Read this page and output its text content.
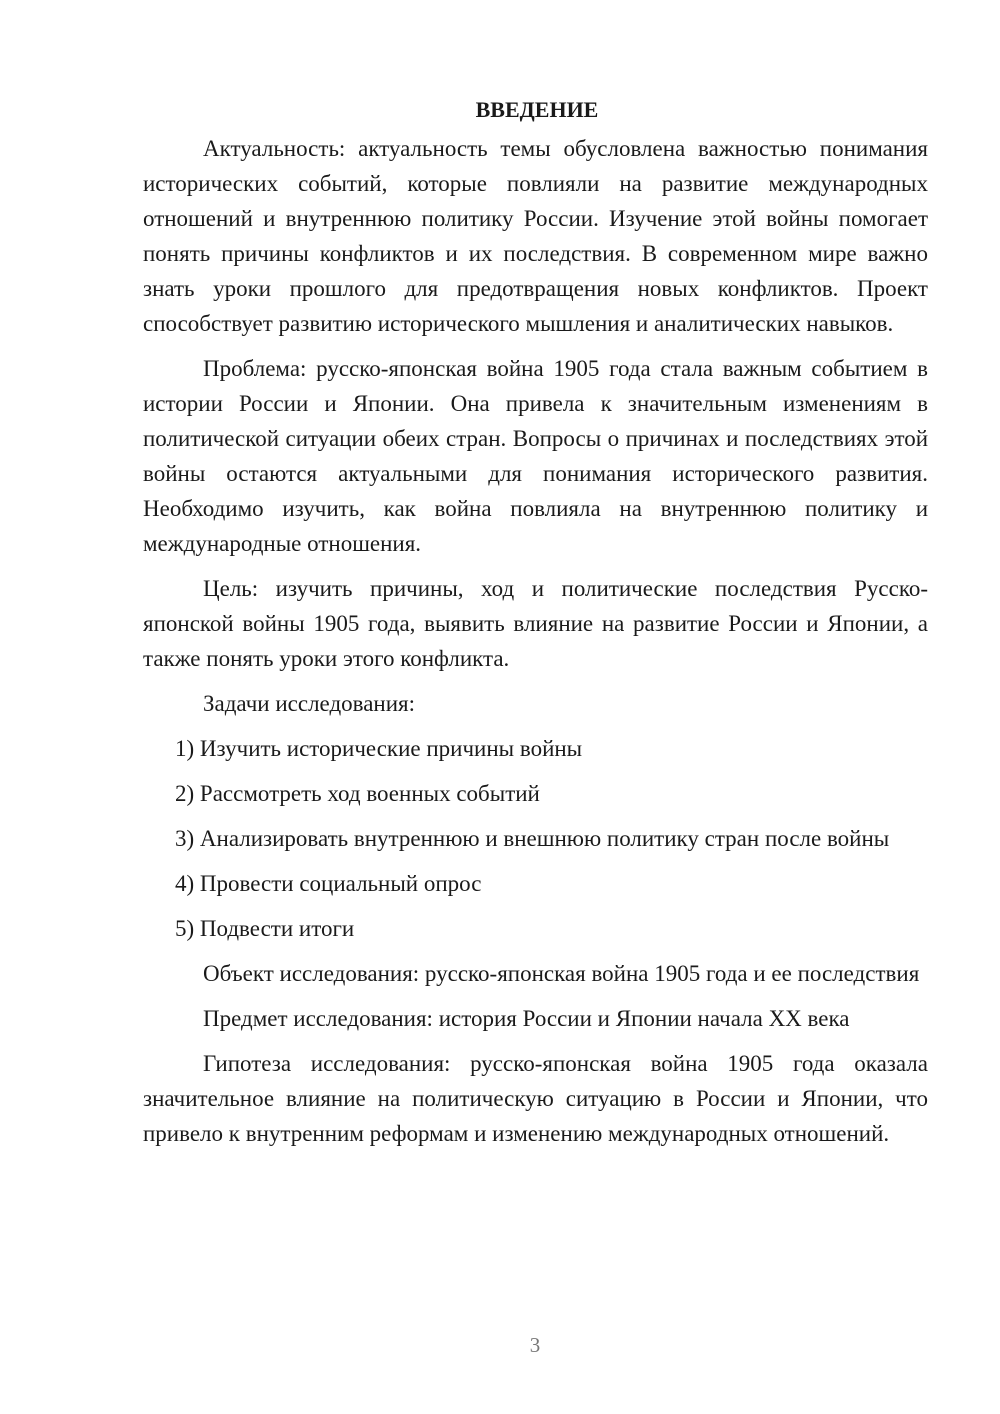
ВВЕДЕНИЕ

Актуальность: актуальность темы обусловлена важностью понимания исторических событий, которые повлияли на развитие международных отношений и внутреннюю политику России. Изучение этой войны помогает понять причины конфликтов и их последствия. В современном мире важно знать уроки прошлого для предотвращения новых конфликтов. Проект способствует развитию исторического мышления и аналитических навыков.

Проблема: русско-японская война 1905 года стала важным событием в истории России и Японии. Она привела к значительным изменениям в политической ситуации обеих стран. Вопросы о причинах и последствиях этой войны остаются актуальными для понимания исторического развития. Необходимо изучить, как война повлияла на внутреннюю политику и международные отношения.

Цель: изучить причины, ход и политические последствия Русско-японской войны 1905 года, выявить влияние на развитие России и Японии, а также понять уроки этого конфликта.

Задачи исследования:

1) Изучить исторические причины войны

2) Рассмотреть ход военных событий

3) Анализировать внутреннюю и внешнюю политику стран после войны

4) Провести социальный опрос

5) Подвести итоги

Объект исследования: русско-японская война 1905 года и ее последствия

Предмет исследования: история России и Японии начала XX века

Гипотеза исследования: русско-японская война 1905 года оказала значительное влияние на политическую ситуацию в России и Японии, что привело к внутренним реформам и изменению международных отношений.

3
